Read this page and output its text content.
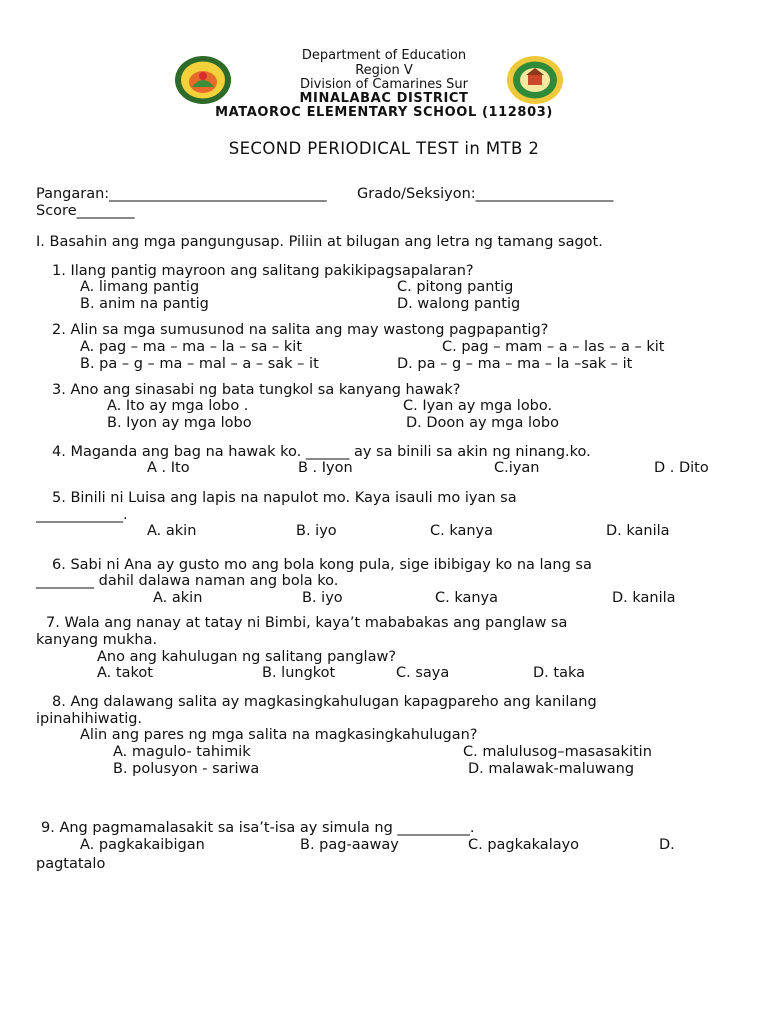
Department of Education
Region V
Division of Camarines Sur
MINALABAC DISTRICT
MATAOROC ELEMENTARY SCHOOL (112803)
SECOND PERIODICAL TEST in MTB 2
Pangaran:______________________________ Grado/Seksiyon:___________________
Score________
I. Basahin ang mga pangungusap. Piliin at bilugan ang letra ng tamang sagot.
1. Ilang pantig mayroon ang salitang pakikipagsapalaran?
A. limang pantig	C. pitong pantig
B. anim na pantig	D. walong pantig
2. Alin sa mga sumusunod na salita ang may wastong pagpapantig?
A. pag – ma – ma – la – sa – kit	C. pag – mam – a – las – a – kit
B. pa – g – ma – mal – a – sak – it	D. pa – g – ma – ma – la –sak – it
3. Ano ang sinasabi ng bata tungkol sa kanyang hawak?
A. Ito ay mga lobo .	C. Iyan ay mga lobo.
B. Iyon ay mga lobo	D. Doon ay mga lobo
4. Maganda ang bag na hawak ko. ______ ay sa binili sa akin ng ninang.ko.
A . Ito	B . Iyon	C.iyan	D . Dito
5. Binili ni Luisa ang lapis na napulot mo. Kaya isauli mo iyan sa
____________.
A. akin	B. iyo	C. kanya	D. kanila
6. Sabi ni Ana ay gusto mo ang bola kong pula, sige ibibigay ko na lang sa
________ dahil dalawa naman ang bola ko.
A. akin	B. iyo	C. kanya	D. kanila
7. Wala ang nanay at tatay ni Bimbi, kaya’t mababakas ang panglaw sa
kanyang mukha.
Ano ang kahulugan ng salitang panglaw?
A. takot	B. lungkot	C. saya	D. taka
8. Ang dalawang salita ay magkasingkahulugan kapagpareho ang kanilang
ipinahihiwatig.
Alin ang pares ng mga salita na magkasingkahulugan?
A. magulo- tahimik	C. malulusog–masasakitin
B. polusyon - sariwa	D. malawak-maluwang
9. Ang pagmamalasakit sa isa’t-isa ay simula ng __________.
A. pagkakaibigan	B. pag-aaway	C. pagkakalayo	D.
pagtatalo
